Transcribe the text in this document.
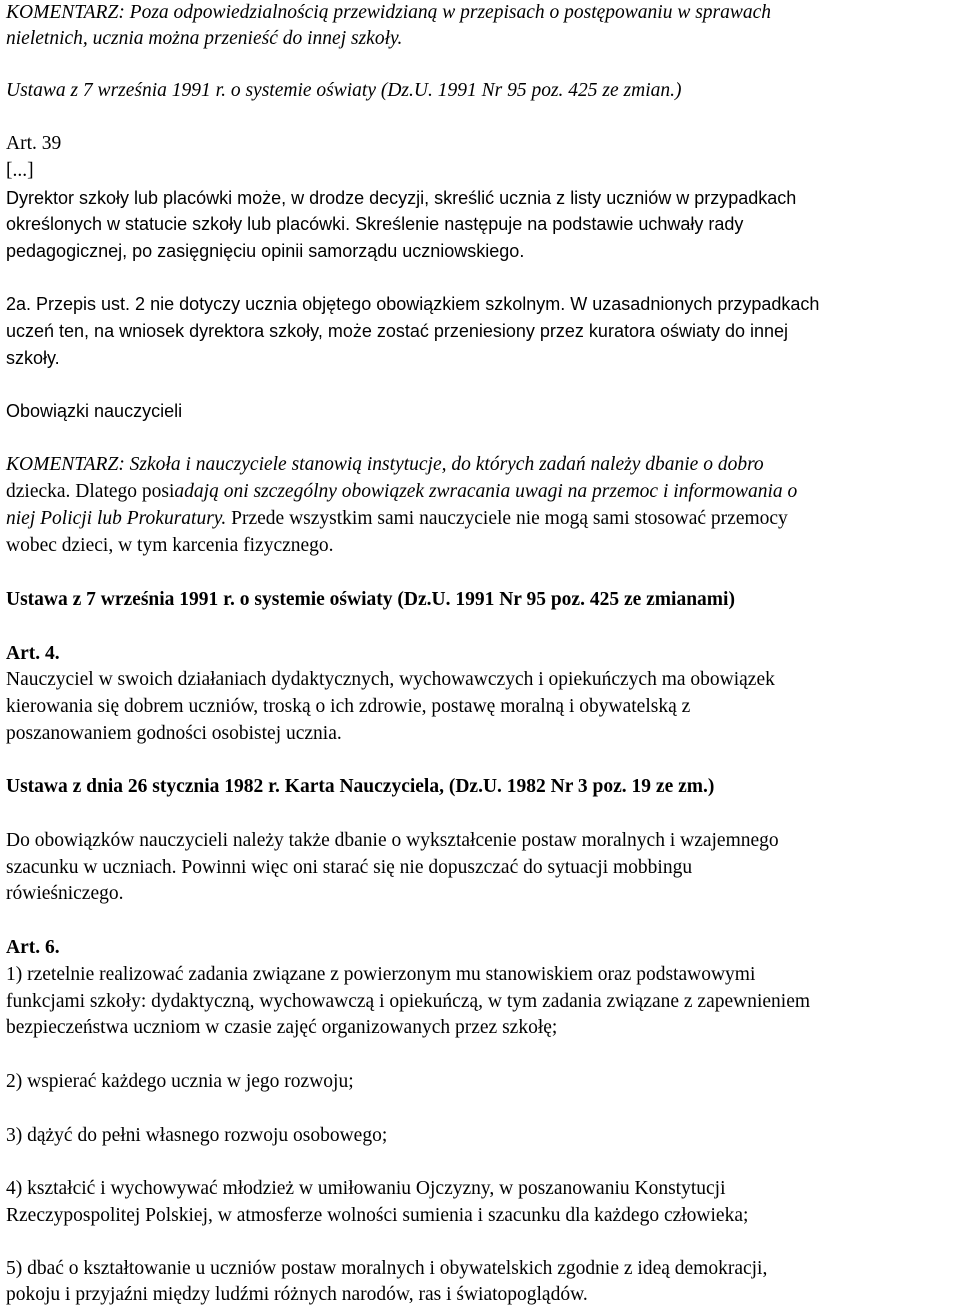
KOMENTARZ: Poza odpowiedzialnością przewidzianą w przepisach o postępowaniu w sprawach
nieletnich, ucznia można przenieść do innej szkoły.
Ustawa z 7 września 1991 r. o systemie oświaty (Dz.U. 1991 Nr 95 poz. 425 ze zmian.)
Art. 39
[...]
Dyrektor szkoły lub placówki może, w drodze decyzji, skreślić ucznia z listy uczniów w przypadkach
określonych w statucie szkoły lub placówki. Skreślenie następuje na podstawie uchwały rady
pedagogicznej, po zasięgnięciu opinii samorządu uczniowskiego.
2a. Przepis ust. 2 nie dotyczy ucznia objętego obowiązkiem szkolnym. W uzasadnionych przypadkach
uczeń ten, na wniosek dyrektora szkoły, może zostać przeniesiony przez kuratora oświaty do innej
szkoły.
Obowiązki nauczycieli
KOMENTARZ: Szkoła i nauczyciele stanowią instytucje, do których zadań należy dbanie o dobro
dziecka. Dlatego posiadają oni szczególny obowiązek zwracania uwagi na przemoc i informowania o
niej Policji lub Prokuratury. Przede wszystkim sami nauczyciele nie mogą sami stosować przemocy
wobec dzieci, w tym karcenia fizycznego.
Ustawa z 7 września 1991 r. o systemie oświaty (Dz.U. 1991 Nr 95 poz. 425 ze zmianami)
Art. 4.
Nauczyciel w swoich działaniach dydaktycznych, wychowawczych i opiekuńczych ma obowiązek
kierowania się dobrem uczniów, troską o ich zdrowie, postawę moralną i obywatelską z
poszanowaniem godności osobistej ucznia.
Ustawa z dnia 26 stycznia 1982 r. Karta Nauczyciela, (Dz.U. 1982 Nr 3 poz. 19 ze zm.)
Do obowiązków nauczycieli należy także dbanie o wykształcenie postaw moralnych i wzajemnego
szacunku w uczniach. Powinni więc oni starać się nie dopuszczać do sytuacji mobbingu
rówieśniczego.
Art. 6.
1) rzetelnie realizować zadania związane z powierzonym mu stanowiskiem oraz podstawowymi
funkcjami szkoły: dydaktyczną, wychowawczą i opiekuńczą, w tym zadania związane z zapewnieniem
bezpieczeństwa uczniom w czasie zajęć organizowanych przez szkołę;
2) wspierać każdego ucznia w jego rozwoju;
3) dążyć do pełni własnego rozwoju osobowego;
4) kształcić i wychowywać młodzież w umiłowaniu Ojczyzny, w poszanowaniu Konstytucji
Rzeczypospolitej Polskiej, w atmosferze wolności sumienia i szacunku dla każdego człowieka;
5) dbać o kształtowanie u uczniów postaw moralnych i obywatelskich zgodnie z ideą demokracji,
pokoju i przyjaźni między ludźmi różnych narodów, ras i światopoglądów.
